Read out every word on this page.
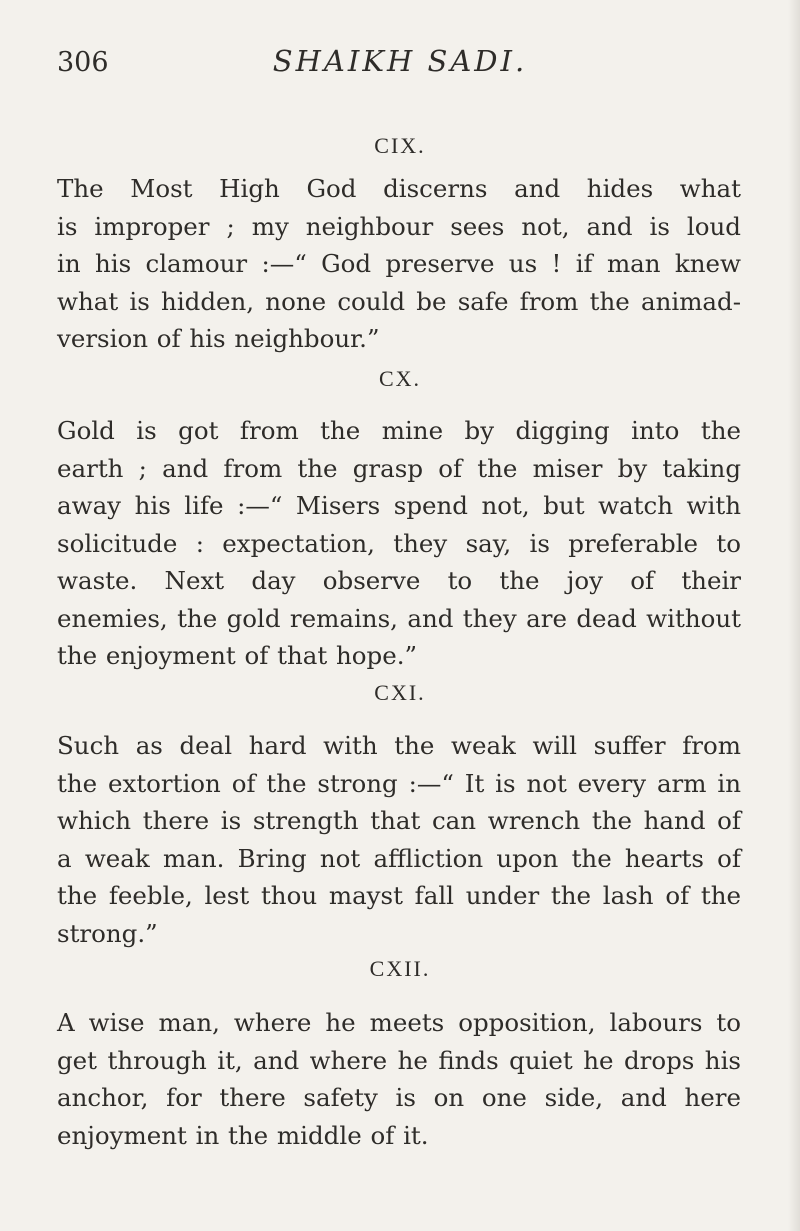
306	SHAIKH SADI.
CIX.
The Most High God discerns and hides what
is improper ; my neighbour sees not, and is loud
in his clamour :—“ God preserve us ! if man knew
what is hidden, none could be safe from the animad-
version of his neighbour.”
CX.
Gold is got from the mine by digging into the
earth ; and from the grasp of the miser by taking
away his life :—“ Misers spend not, but watch with
solicitude : expectation, they say, is preferable to
waste. Next day observe to the joy of their
enemies, the gold remains, and they are dead without
the enjoyment of that hope.”
CXI.
Such as deal hard with the weak will suffer from
the extortion of the strong :—“ It is not every arm in
which there is strength that can wrench the hand of
a weak man. Bring not affliction upon the hearts of
the feeble, lest thou mayst fall under the lash of the
strong.”
CXII.
A wise man, where he meets opposition, labours to
get through it, and where he finds quiet he drops his
anchor, for there safety is on one side, and here
enjoyment in the middle of it.
